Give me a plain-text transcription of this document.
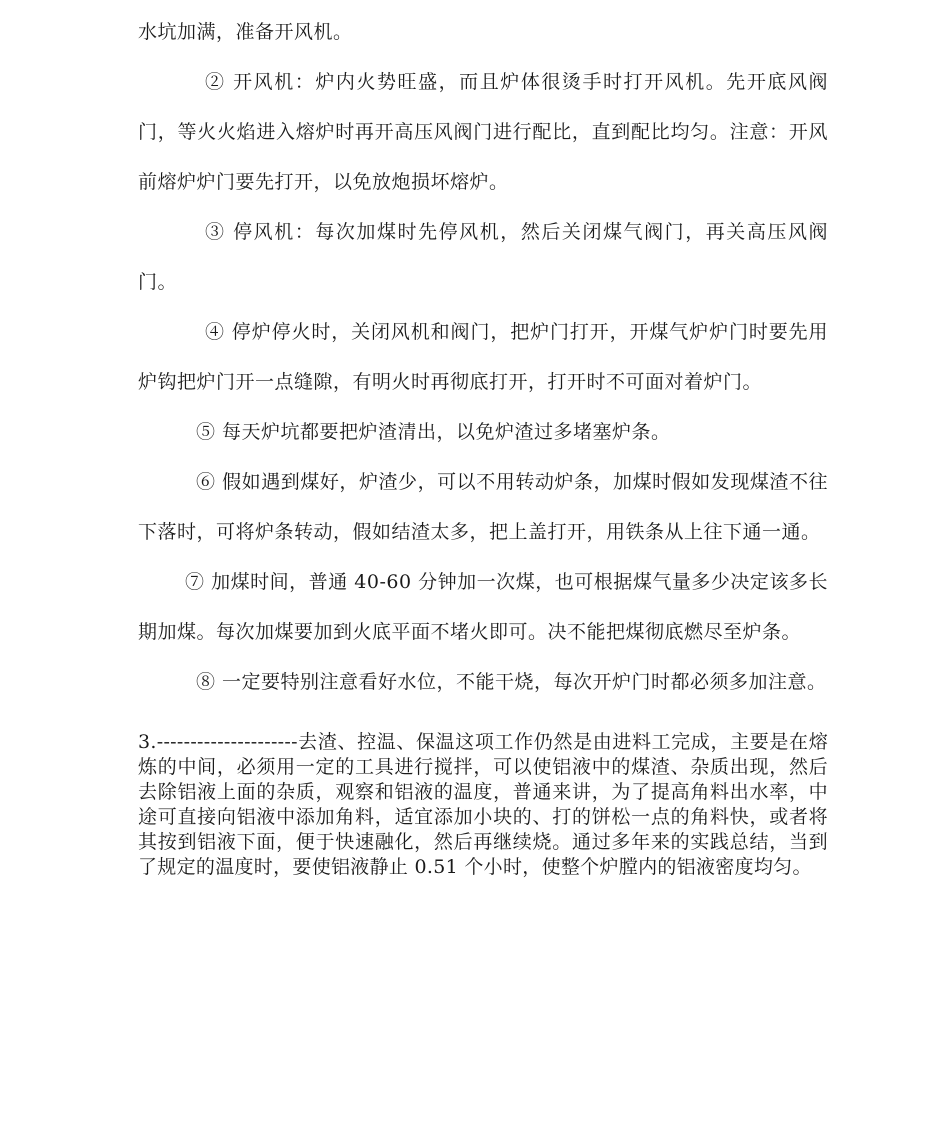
水坑加满，准备开风机。

② 开风机：炉内火势旺盛，而且炉体很烫手时打开风机。先开底风阀门，等火火焰进入熔炉时再开高压风阀门进行配比，直到配比均匀。注意：开风前熔炉炉门要先打开，以免放炮损坏熔炉。

③ 停风机：每次加煤时先停风机，然后关闭煤气阀门，再关高压风阀门。

④ 停炉停火时，关闭风机和阀门，把炉门打开，开煤气炉炉门时要先用炉钩把炉门开一点缝隙，有明火时再彻底打开，打开时不可面对着炉门。

⑤ 每天炉坑都要把炉渣清出，以免炉渣过多堵塞炉条。

⑥ 假如遇到煤好，炉渣少，可以不用转动炉条，加煤时假如发现煤渣不往下落时，可将炉条转动，假如结渣太多，把上盖打开，用铁条从上往下通一通。

⑦ 加煤时间，普通 40-60 分钟加一次煤，也可根据煤气量多少决定该多长期加煤。每次加煤要加到火底平面不堵火即可。决不能把煤彻底燃尽至炉条。

⑧ 一定要特别注意看好水位，不能干烧，每次开炉门时都必须多加注意。

3.---------------------去渣、控温、保温这项工作仍然是由进料工完成，主要是在熔炼的中间，必须用一定的工具进行搅拌，可以使铝液中的煤渣、杂质出现，然后去除铝液上面的杂质，观察和铝液的温度，普通来讲，为了提高角料出水率，中途可直接向铝液中添加角料，适宜添加小块的、打的饼松一点的角料快，或者将其按到铝液下面，便于快速融化，然后再继续烧。通过多年来的实践总结，当到了规定的温度时，要使铝液静止 0.51 个小时，使整个炉膛内的铝液密度均匀。
